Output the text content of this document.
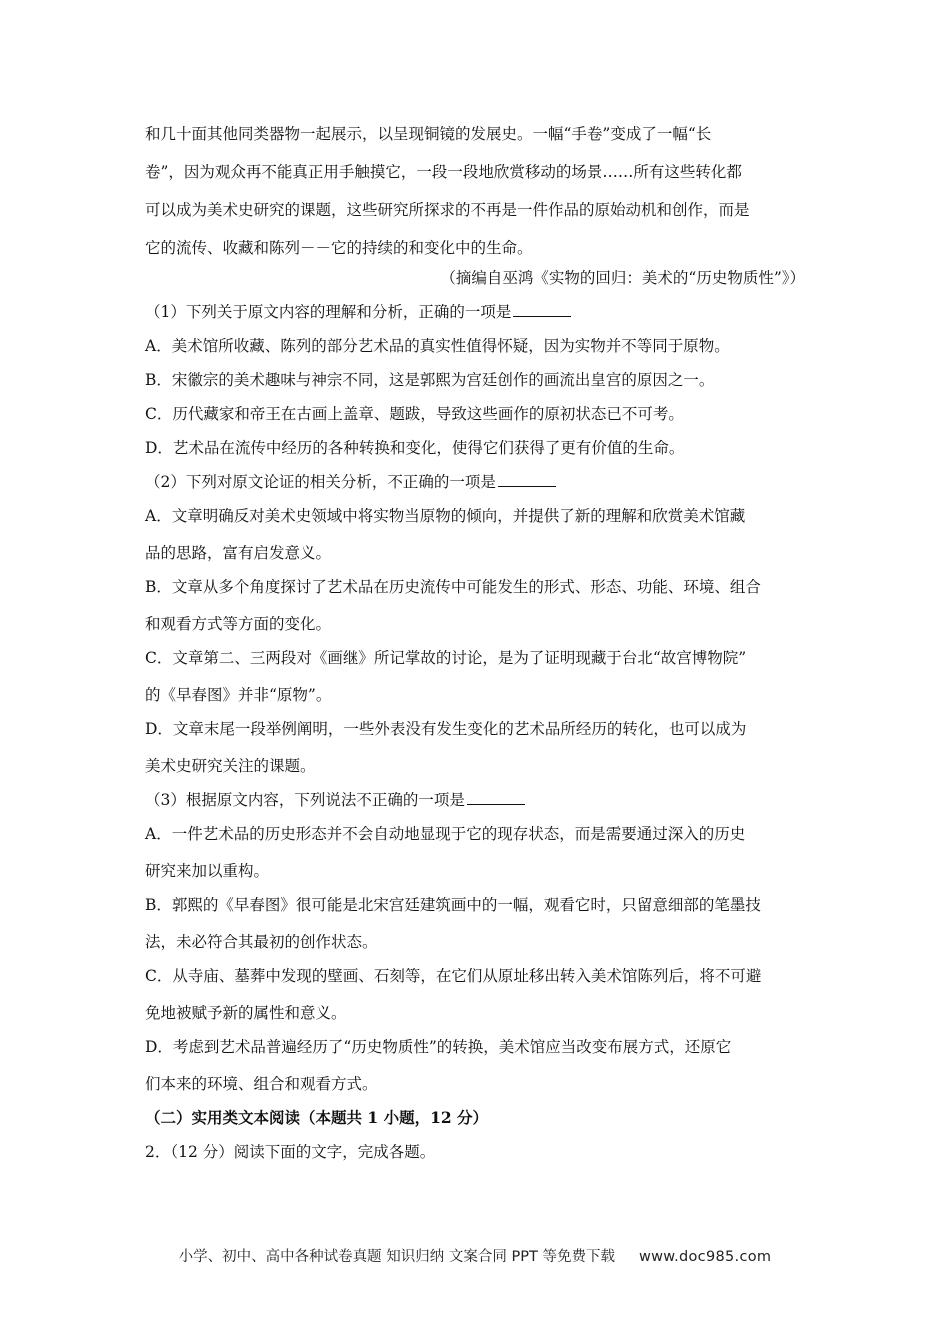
和几十面其他同类器物一起展示，以呈现铜镜的发展史。一幅“手卷”变成了一幅“长

卷”，因为观众再不能真正用手触摸它，一段一段地欣赏移动的场景……所有这些转化都

可以成为美术史研究的课题，这些研究所探求的不再是一件作品的原始动机和创作，而是

它的流传、收藏和陈列－－它的持续的和变化中的生命。

（摘编自巫鸿《实物的回归：美术的“历史物质性”》）

（1）下列关于原文内容的理解和分析，正确的一项是

A．美术馆所收藏、陈列的部分艺术品的真实性值得怀疑，因为实物并不等同于原物。

B．宋徽宗的美术趣味与神宗不同，这是郭熙为宫廷创作的画流出皇宫的原因之一。

C．历代藏家和帝王在古画上盖章、题跋，导致这些画作的原初状态已不可考。

D．艺术品在流传中经历的各种转换和变化，使得它们获得了更有价值的生命。

（2）下列对原文论证的相关分析，不正确的一项是

A．文章明确反对美术史领域中将实物当原物的倾向，并提供了新的理解和欣赏美术馆藏

品的思路，富有启发意义。

B．文章从多个角度探讨了艺术品在历史流传中可能发生的形式、形态、功能、环境、组合

和观看方式等方面的变化。

C．文章第二、三两段对《画继》所记掌故的讨论，是为了证明现藏于台北“故宫博物院”

的《早春图》并非“原物”。

D．文章末尾一段举例阐明，一些外表没有发生变化的艺术品所经历的转化，也可以成为

美术史研究关注的课题。

（3）根据原文内容，下列说法不正确的一项是

A．一件艺术品的历史形态并不会自动地显现于它的现存状态，而是需要通过深入的历史

研究来加以重构。

B．郭熙的《早春图》很可能是北宋宫廷建筑画中的一幅，观看它时，只留意细部的笔墨技

法，未必符合其最初的创作状态。

C．从寺庙、墓葬中发现的壁画、石刻等，在它们从原址移出转入美术馆陈列后，将不可避

免地被赋予新的属性和意义。

D．考虑到艺术品普遍经历了“历史物质性”的转换，美术馆应当改变布展方式，还原它

们本来的环境、组合和观看方式。

（二）实用类文本阅读（本题共 1 小题，12 分）

2．（12 分）阅读下面的文字，完成各题。

小学、初中、高中各种试卷真题 知识归纳 文案合同 PPT 等免费下载 www.doc985.com
